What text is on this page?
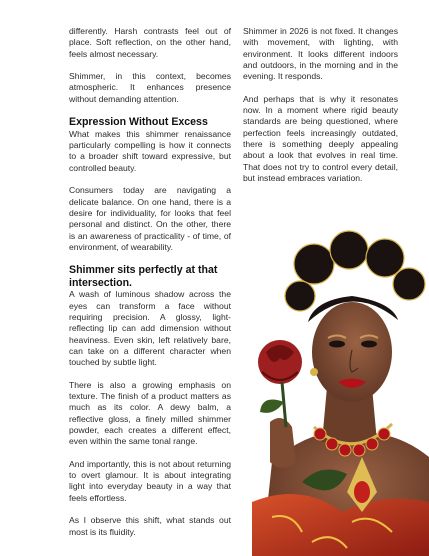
differently. Harsh contrasts feel out of place. Soft reflection, on the other hand, feels almost necessary.

Shimmer, in this context, becomes atmospheric. It enhances presence without demanding attention.

Expression Without Excess

What makes this shimmer renaissance particularly compelling is how it connects to a broader shift toward expressive, but controlled beauty.

Consumers today are navigating a delicate balance. On one hand, there is a desire for individuality, for looks that feel personal and distinct. On the other, there is an awareness of practicality - of time, of environment, of wearability.

Shimmer sits perfectly at that intersection.

A wash of luminous shadow across the eyes can transform a face without requiring precision. A glossy, light-reflecting lip can add dimension without heaviness. Even skin, left relatively bare, can take on a different character when touched by subtle light.

There is also a growing emphasis on texture. The finish of a product matters as much as its color. A dewy balm, a reflective gloss, a finely milled shimmer powder, each creates a different effect, even within the same tonal range.

And importantly, this is not about returning to overt glamour. It is about integrating light into everyday beauty in a way that feels effortless.

As I observe this shift, what stands out most is its fluidity.

Shimmer in 2026 is not fixed. It changes with movement, with lighting, with environment. It looks different indoors and outdoors, in the morning and in the evening. It responds.

And perhaps that is why it resonates now. In a moment where rigid beauty standards are being questioned, where perfection feels increasingly outdated, there is something deeply appealing about a look that evolves in real time. That does not try to control every detail, but instead embraces variation.
